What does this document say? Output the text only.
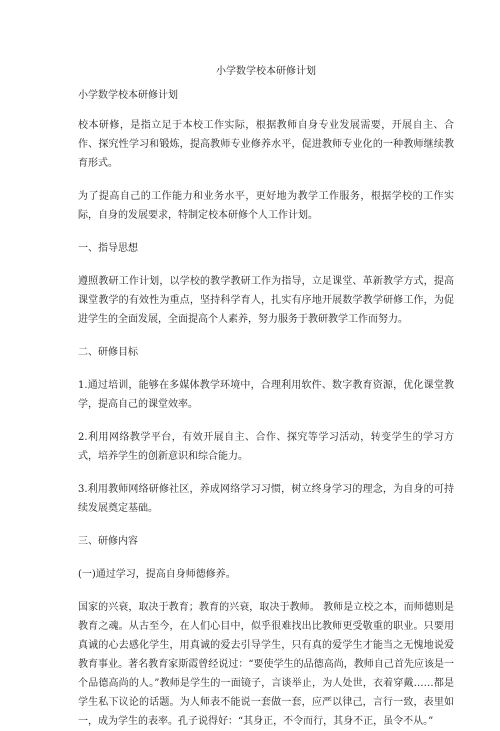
小学数学校本研修计划

小学数学校本研修计划

校本研修，是指立足于本校工作实际，根据教师自身专业发展需要，开展自主、合作、探究性学习和锻炼，提高教师专业修养水平，促进教师专业化的一种教师继续教育形式。

为了提高自己的工作能力和业务水平，更好地为教学工作服务，根据学校的工作实际，自身的发展要求，特制定校本研修个人工作计划。

一、指导思想

遵照教研工作计划，以学校的教学教研工作为指导，立足课堂、革新教学方式，提高课堂教学的有效性为重点，坚持科学育人，扎实有序地开展数学教学研修工作，为促进学生的全面发展，全面提高个人素养，努力服务于教研教学工作而努力。

二、研修目标

1.通过培训，能够在多媒体教学环境中，合理利用软件、数字教育资源，优化课堂教学，提高自己的课堂效率。

2.利用网络教学平台，有效开展自主、合作、探究等学习活动，转变学生的学习方式，培养学生的创新意识和综合能力。

3.利用教师网络研修社区，养成网络学习习惯，树立终身学习的理念，为自身的可持续发展奠定基础。

三、研修内容

(一)通过学习，提高自身师德修养。

国家的兴衰，取决于教育；教育的兴衰，取决于教师。 教师是立校之本，而师德则是教育之魂。从古至今，在人们心目中，似乎很难找出比教师更受敬重的职业。只要用真诚的心去感化学生，用真诚的爱去引导学生，只有真的爱学生才能当之无愧地说爱教育事业。著名教育家斯霞曾经说过：“要使学生的品德高尚，教师自己首先应该是一个品德高尚的人。”教师是学生的一面镜子，言谈举止，为人处世，衣着穿戴……都是学生私下议论的话题。为人师表不能说一套做一套，应严以律己，言行一致，表里如一，成为学生的表率。孔子说得好：“其身正，不令而行，其身不正，虽令不从。”
